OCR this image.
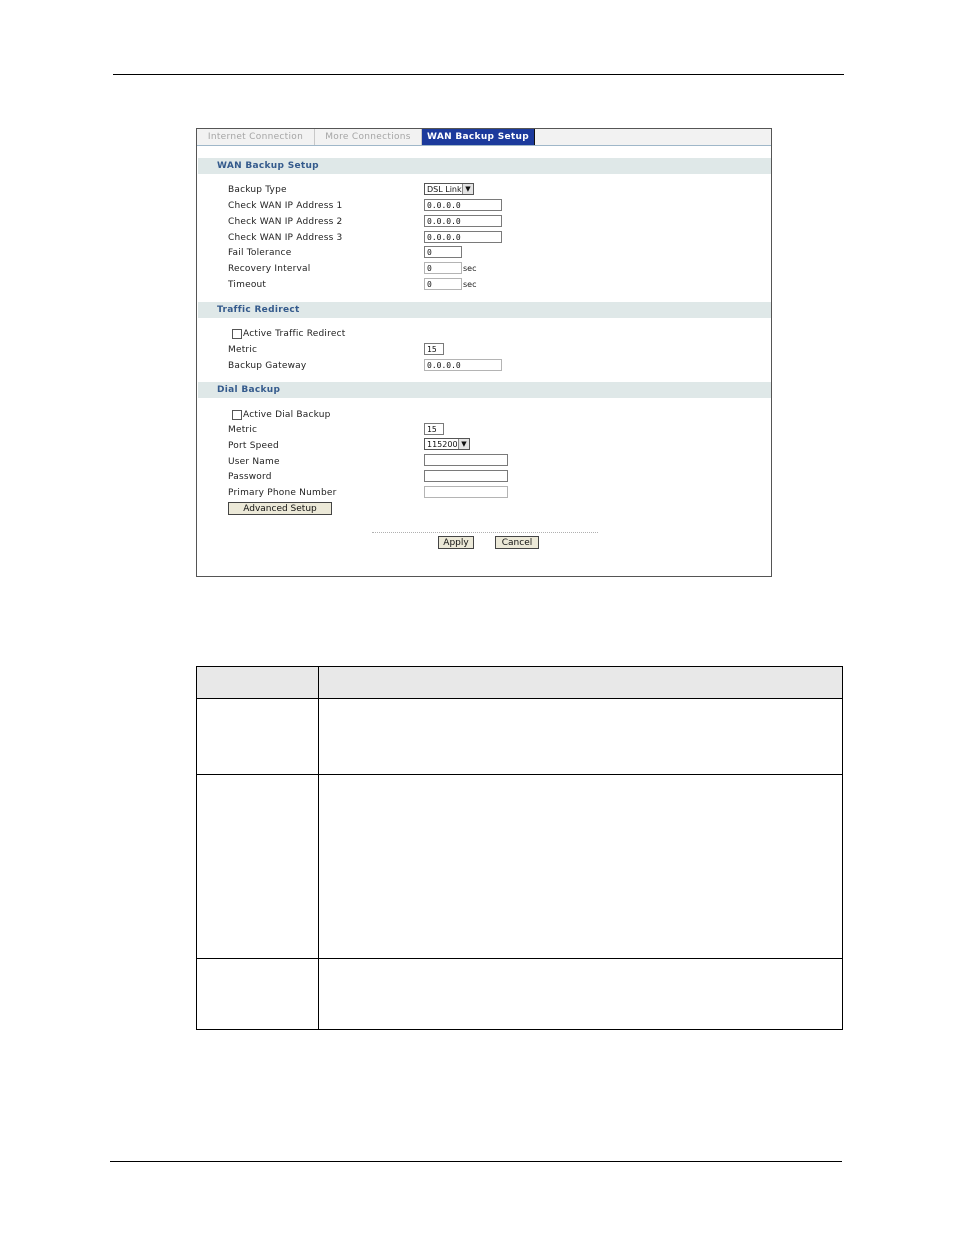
Internet Connection	More Connections	WAN Backup Setup
WAN Backup Setup
Backup Type	DSL Link ▼
Check WAN IP Address 1	0.0.0.0
Check WAN IP Address 2	0.0.0.0
Check WAN IP Address 3	0.0.0.0
Fail Tolerance	0
Recovery Interval	0	sec
Timeout	0	sec
Traffic Redirect
Active Traffic Redirect
Metric	15
Backup Gateway	0.0.0.0
Dial Backup
Active Dial Backup
Metric	15
Port Speed	115200 ▼
User Name
Password
Primary Phone Number
Advanced Setup
Apply	Cancel
